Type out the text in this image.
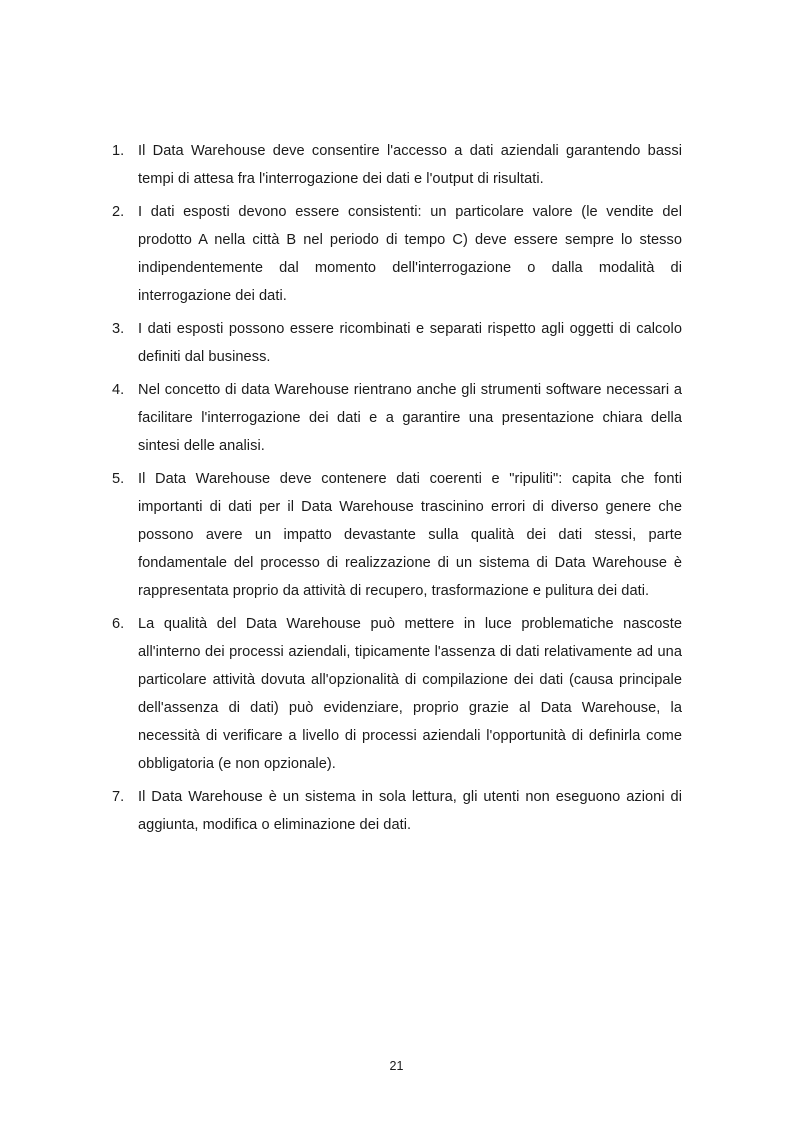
1. Il Data Warehouse deve consentire l'accesso a dati aziendali garantendo bassi tempi di attesa fra l'interrogazione dei dati e l'output di risultati.
2. I dati esposti devono essere consistenti: un particolare valore (le vendite del prodotto A nella città B nel periodo di tempo C) deve essere sempre lo stesso indipendentemente dal momento dell'interrogazione o dalla modalità di interrogazione dei dati.
3. I dati esposti possono essere ricombinati e separati rispetto agli oggetti di calcolo definiti dal business.
4. Nel concetto di data Warehouse rientrano anche gli strumenti software necessari a facilitare l'interrogazione dei dati e a garantire una presentazione chiara della sintesi delle analisi.
5. Il Data Warehouse deve contenere dati coerenti e "ripuliti": capita che fonti importanti di dati per il Data Warehouse trascinino errori di diverso genere che possono avere un impatto devastante sulla qualità dei dati stessi, parte fondamentale del processo di realizzazione di un sistema di Data Warehouse è rappresentata proprio da attività di recupero, trasformazione e pulitura dei dati.
6. La qualità del Data Warehouse può mettere in luce problematiche nascoste all'interno dei processi aziendali, tipicamente l'assenza di dati relativamente ad una particolare attività dovuta all'opzionalità di compilazione dei dati (causa principale dell'assenza di dati) può evidenziare, proprio grazie al Data Warehouse, la necessità di verificare a livello di processi aziendali l'opportunità di definirla come obbligatoria (e non opzionale).
7. Il Data Warehouse è un sistema in sola lettura, gli utenti non eseguono azioni di aggiunta, modifica o eliminazione dei dati.
21
